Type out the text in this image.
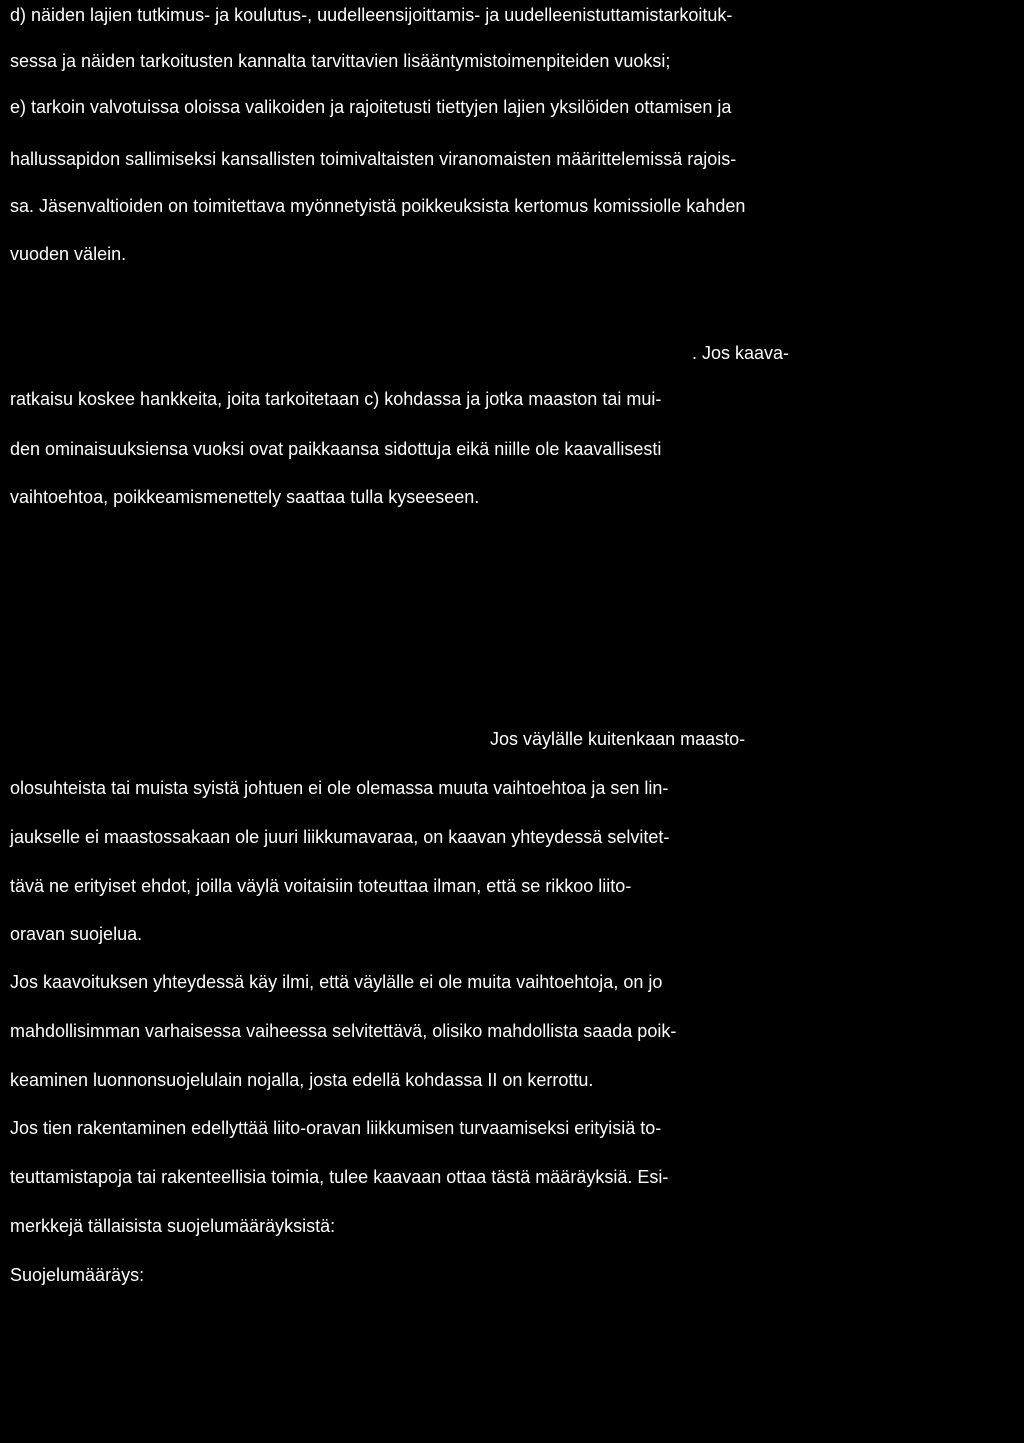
d) näiden lajien tutkimus- ja koulutus-, uudelleensijoittamis- ja uudelleenistuttamistarkoituk-
sessa ja näiden tarkoitusten kannalta tarvittavien lisääntymistoimenpiteiden vuoksi;
e) tarkoin valvotuissa oloissa valikoiden ja rajoitetusti tiettyjen lajien yksilöiden ottamisen ja
hallussapidon sallimiseksi kansallisten toimivaltaisten viranomaisten määrittelemissä rajois-
sa. Jäsenvaltioiden on toimitettava myönnetyistä poikkeuksista kertomus komissiolle kahden
vuoden välein.
. Jos kaava-
ratkaisu koskee hankkeita, joita tarkoitetaan c) kohdassa ja jotka maaston tai mui-
den ominaisuuksiensa vuoksi ovat paikkaansa sidottuja eikä niille ole kaavallisesti
vaihtoehtoa, poikkeamismenettely saattaa tulla kyseeseen.
Jos väylälle kuitenkaan maasto-
olosuhteista tai muista syistä johtuen ei ole olemassa muuta vaihtoehtoa ja sen lin-
jaukselle ei maastossakaan ole juuri liikkumavaraa, on kaavan yhteydessä selvitet-
tävä ne erityiset ehdot, joilla väylä voitaisiin toteuttaa ilman, että se rikkoo liito-
oravan suojelua.
Jos kaavoituksen yhteydessä käy ilmi, että väylälle ei ole muita vaihtoehtoja, on jo
mahdollisimman varhaisessa vaiheessa selvitettävä, olisiko mahdollista saada poik-
keaminen luonnonsuojelulain nojalla, josta edellä kohdassa II on kerrottu.
Jos tien rakentaminen edellyttää liito-oravan liikkumisen turvaamiseksi erityisiä to-
teuttamistapoja tai rakenteellisia toimia, tulee kaavaan ottaa tästä määräyksiä. Esi-
merkkejä tällaisista suojelumääräyksistä:
Suojelumääräys:
